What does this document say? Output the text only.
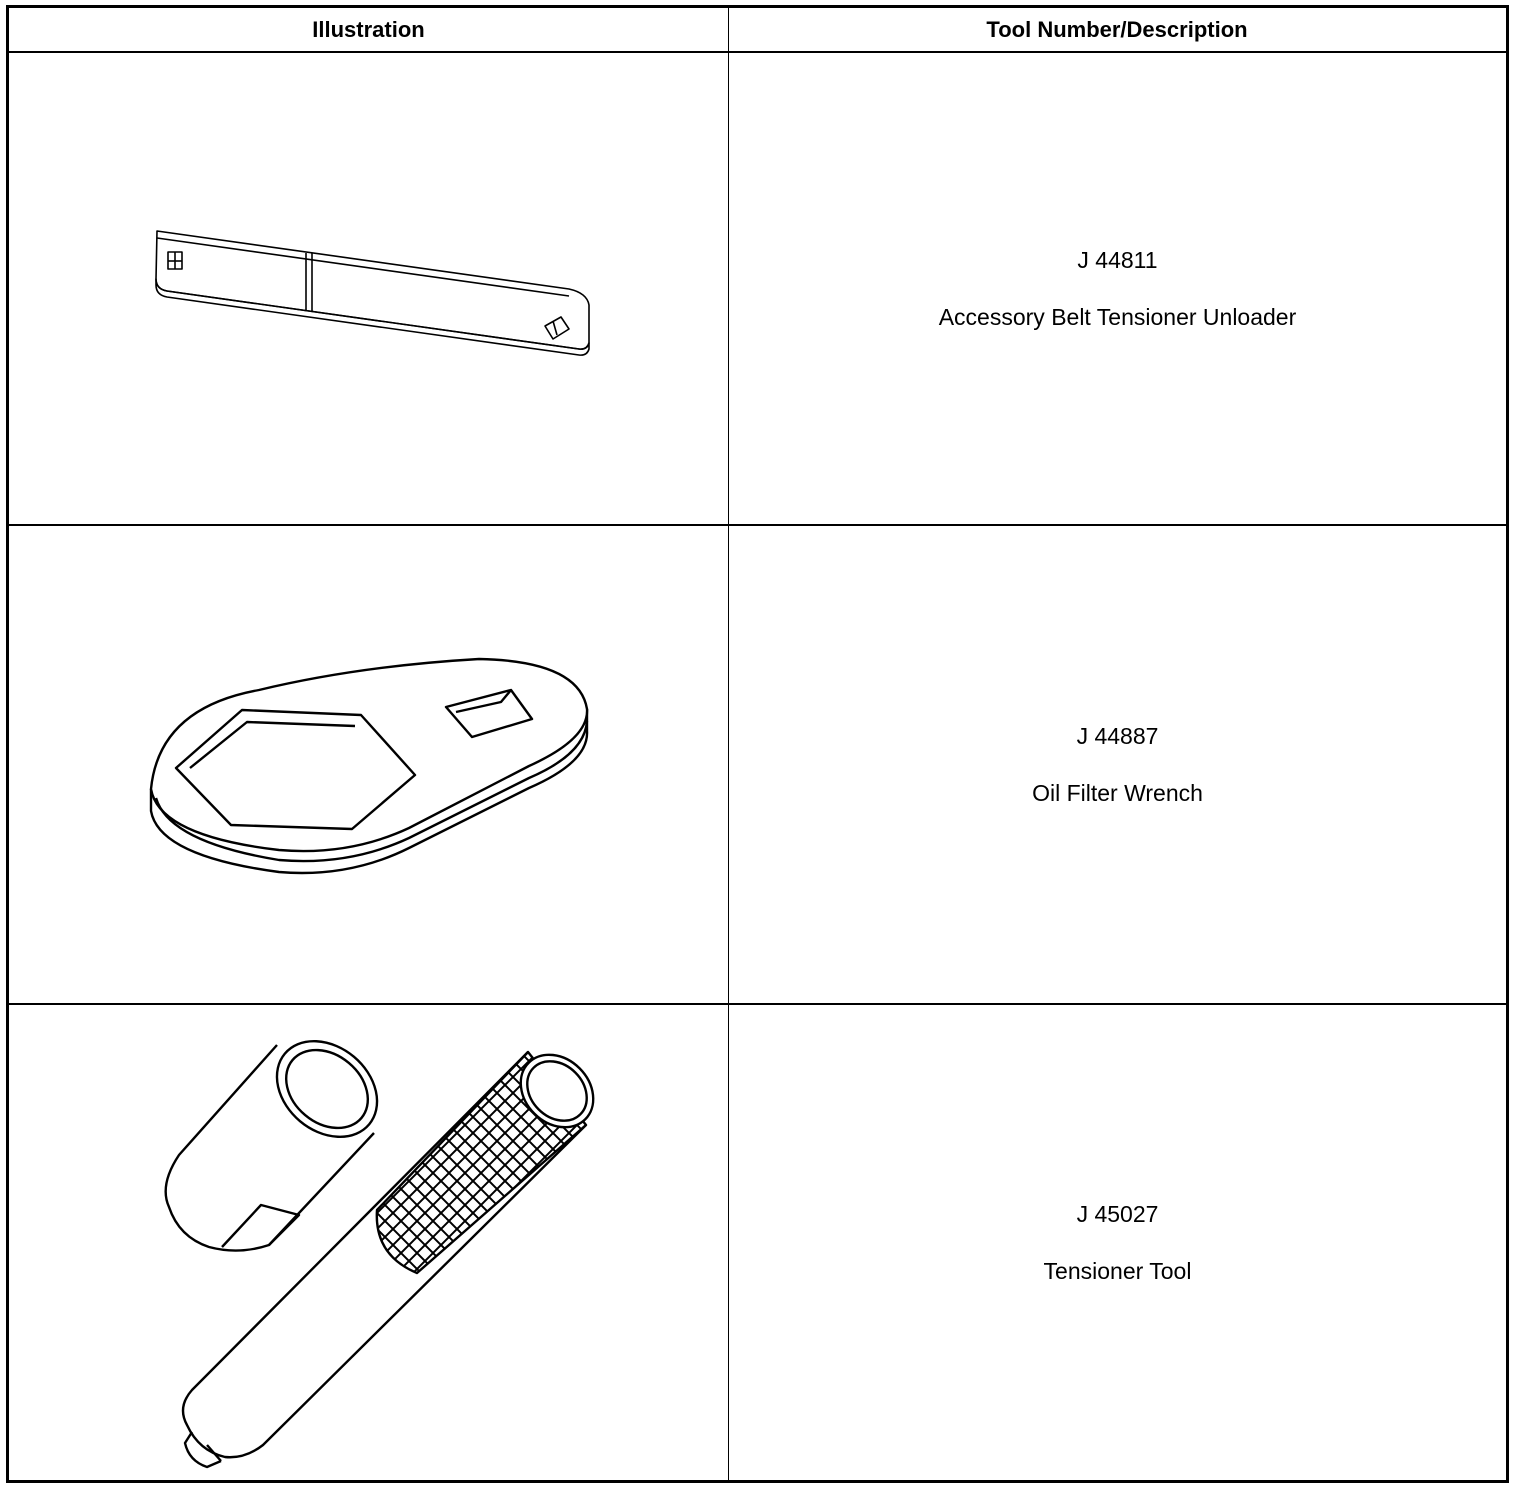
Illustration	Tool Number/Description
J 44811
Accessory Belt Tensioner Unloader
J 44887
Oil Filter Wrench
J 45027
Tensioner Tool
